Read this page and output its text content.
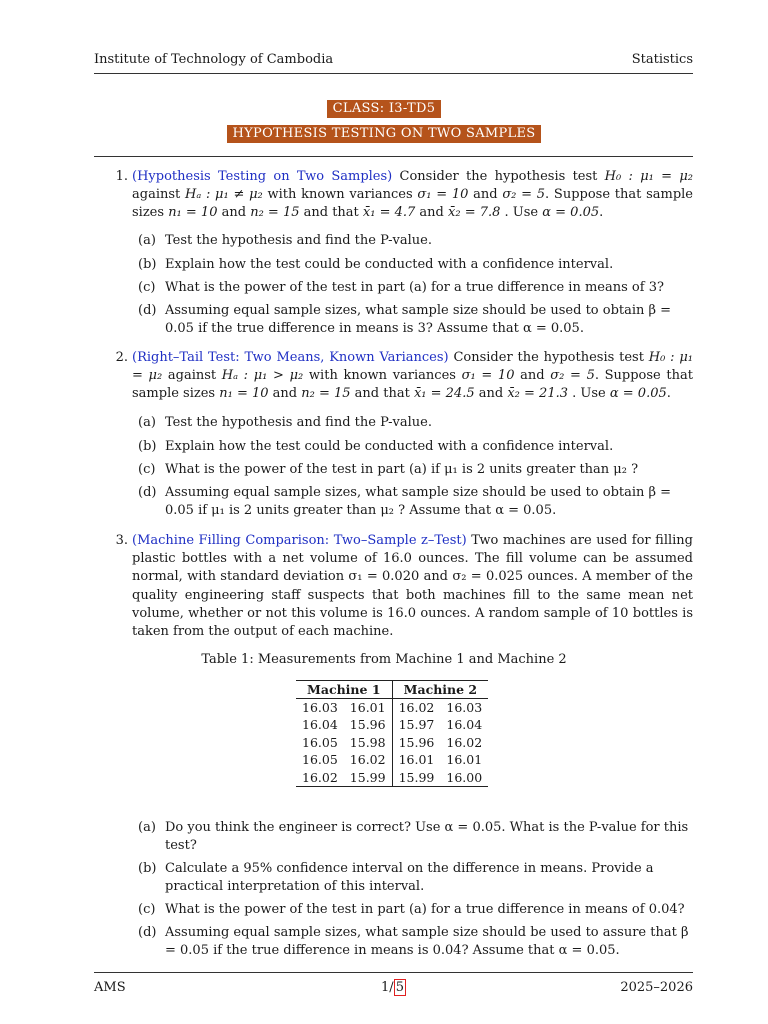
Institute of Technology of Cambodia	Statistics
CLASS: I3-TD5
HYPOTHESIS TESTING ON TWO SAMPLES
1. (Hypothesis Testing on Two Samples) Consider the hypothesis test H₀ : μ₁ = μ₂ against Hₐ : μ₁ ≠ μ₂ with known variances σ₁ = 10 and σ₂ = 5. Suppose that sample sizes n₁ = 10 and n₂ = 15 and that x̄₁ = 4.7 and x̄₂ = 7.8 . Use α = 0.05.
(a) Test the hypothesis and find the P-value.
(b) Explain how the test could be conducted with a confidence interval.
(c) What is the power of the test in part (a) for a true difference in means of 3?
(d) Assuming equal sample sizes, what sample size should be used to obtain β = 0.05 if the true difference in means is 3? Assume that α = 0.05.
2. (Right–Tail Test: Two Means, Known Variances) Consider the hypothesis test H₀ : μ₁ = μ₂ against Hₐ : μ₁ > μ₂ with known variances σ₁ = 10 and σ₂ = 5. Suppose that sample sizes n₁ = 10 and n₂ = 15 and that x̄₁ = 24.5 and x̄₂ = 21.3 . Use α = 0.05.
(a) Test the hypothesis and find the P-value.
(b) Explain how the test could be conducted with a confidence interval.
(c) What is the power of the test in part (a) if μ₁ is 2 units greater than μ₂ ?
(d) Assuming equal sample sizes, what sample size should be used to obtain β = 0.05 if μ₁ is 2 units greater than μ₂ ? Assume that α = 0.05.
3. (Machine Filling Comparison: Two–Sample z–Test) Two machines are used for filling plastic bottles with a net volume of 16.0 ounces. The fill volume can be assumed normal, with standard deviation σ₁ = 0.020 and σ₂ = 0.025 ounces. A member of the quality engineering staff suspects that both machines fill to the same mean net volume, whether or not this volume is 16.0 ounces. A random sample of 10 bottles is taken from the output of each machine.
Table 1: Measurements from Machine 1 and Machine 2
Machine 1		Machine 2	
16.03	16.01	16.02	16.03
16.04	15.96	15.97	16.04
16.05	15.98	15.96	16.02
16.05	16.02	16.01	16.01
16.02	15.99	15.99	16.00
(a) Do you think the engineer is correct? Use α = 0.05. What is the P-value for this test?
(b) Calculate a 95% confidence interval on the difference in means. Provide a practical interpretation of this interval.
(c) What is the power of the test in part (a) for a true difference in means of 0.04?
(d) Assuming equal sample sizes, what sample size should be used to assure that β = 0.05 if the true difference in means is 0.04? Assume that α = 0.05.
AMS	1/ 5	2025–2026
